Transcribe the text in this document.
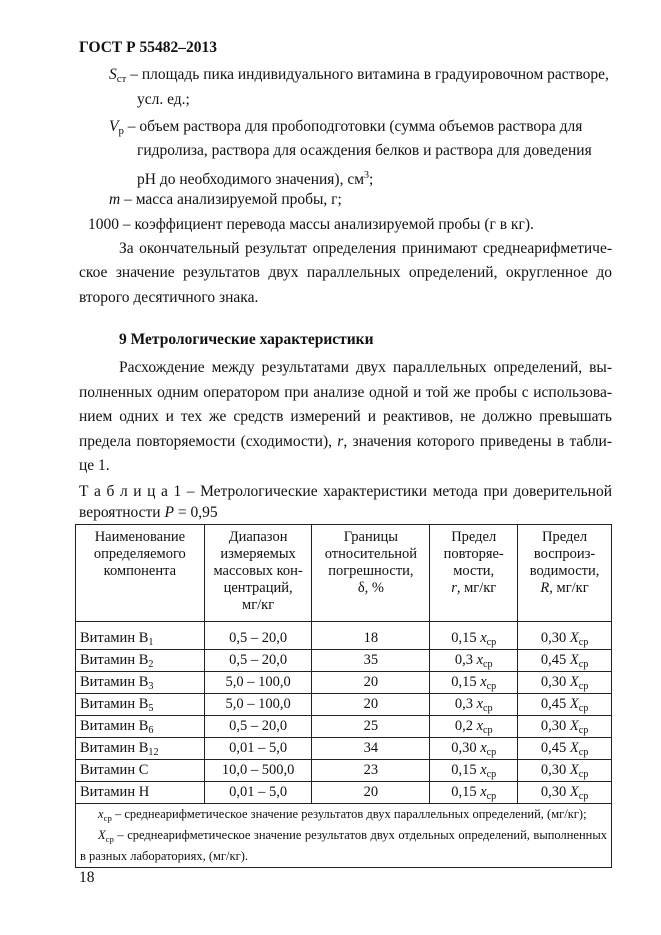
ГОСТ Р 55482–2013
$S_{ст}$ – площадь пика индивидуального витамина в градуировочном растворе,
усл. ед.;
$V_р$ – объем раствора для пробоподготовки (сумма объемов раствора для
гидролиза, раствора для осаждения белков и раствора для доведения
рН до необходимого значения), $см^3$;
m – масса анализируемой пробы, г;
1000 – коэффициент перевода массы анализируемой пробы (г в кг).
За окончательный результат определения принимают среднеарифметиче-
ское значение результатов двух параллельных определений, округленное до
второго десятичного знака.
9 Метрологические характеристики
Расхождение между результатами двух параллельных определений, вы-
полненных одним оператором при анализе одной и той же пробы с использова-
нием одних и тех же средств измерений и реактивов, не должно превышать
предела повторяемости (сходимости), r, значения которого приведены в табли-
це 1.
Т а б л и ц а 1 – Метрологические характеристики метода при доверительной
вероятности P = 0,95
Наименование
определяемого
компонента	Диапазон
измеряемых
массовых кон-
центраций,
мг/кг	Границы
относительной
погрешности,
δ, %	Предел
повторяе-
мости,
r, мг/кг	Предел
воспроиз-
водимости,
R, мг/кг
Витамин $В_1$	0,5 – 20,0	18	0,15 $x_{ср}$	0,30 $X_{ср}$
Витамин $В_2$	0,5 – 20,0	35	0,3 $x_{ср}$	0,45 $X_{ср}$
Витамин $В_3$	5,0 – 100,0	20	0,15 $x_{ср}$	0,30 $X_{ср}$
Витамин $В_5$	5,0 – 100,0	20	0,3 $x_{ср}$	0,45 $X_{ср}$
Витамин $В_6$	0,5 – 20,0	25	0,2 $x_{ср}$	0,30 $X_{ср}$
Витамин $В_{12}$	0,01 – 5,0	34	0,30 $x_{ср}$	0,45 $X_{ср}$
Витамин С	10,0 – 500,0	23	0,15 $x_{ср}$	0,30 $X_{ср}$
Витамин Н	0,01 – 5,0	20	0,15 $x_{ср}$	0,30 $X_{ср}$

$x_{ср}$ – среднеарифметическое значение результатов двух параллельных определений, (мг/кг);
$X_{ср}$ – среднеарифметическое значение результатов двух отдельных определений, выполненных в разных лабораториях, (мг/кг).				
18
